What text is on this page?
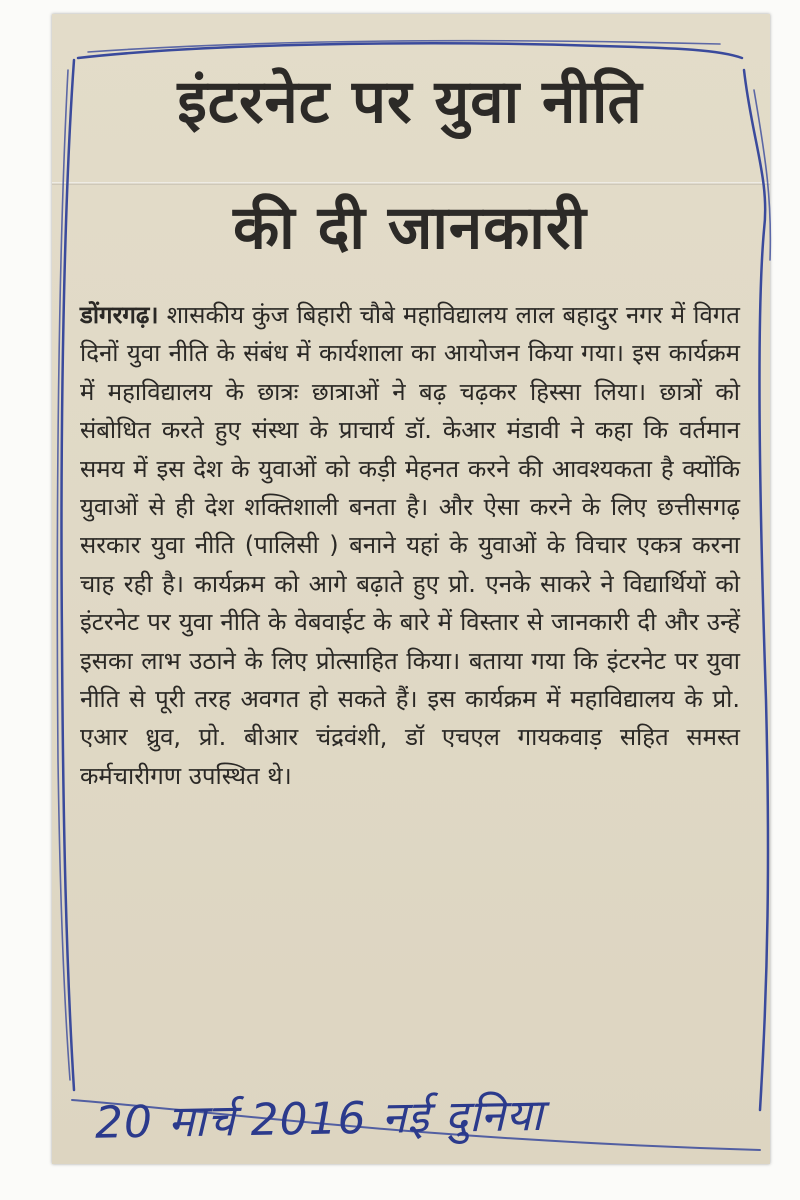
इंटरनेट पर युवा नीति
की दी जानकारी

डोंगरगढ़। शासकीय कुंज बिहारी चौबे महाविद्यालय लाल बहादुर नगर में विगत दिनों युवा नीति के संबंध में कार्यशाला का आयोजन किया गया। इस कार्यक्रम में महाविद्यालय के छात्रः छात्राओं ने बढ़ चढ़कर हिस्सा लिया। छात्रों को संबोधित करते हुए संस्था के प्राचार्य डॉ. केआर मंडावी ने कहा कि वर्तमान समय में इस देश के युवाओं को कड़ी मेहनत करने की आवश्यकता है क्योंकि युवाओं से ही देश शक्तिशाली बनता है। और ऐसा करने के लिए छत्तीसगढ़ सरकार युवा नीति (पालिसी ) बनाने यहां के युवाओं के विचार एकत्र करना चाह रही है। कार्यक्रम को आगे बढ़ाते हुए प्रो. एनके साकरे ने विद्यार्थियों को इंटरनेट पर युवा नीति के वेबवाईट के बारे में विस्तार से जानकारी दी और उन्हें इसका लाभ उठाने के लिए प्रोत्साहित किया। बताया गया कि इंटरनेट पर युवा नीति से पूरी तरह अवगत हो सकते हैं। इस कार्यक्रम में महाविद्यालय के प्रो. एआर ध्रुव, प्रो. बीआर चंद्रवंशी, डॉ एचएल गायकवाड़ सहित समस्त कर्मचारीगण उपस्थित थे।

20 मार्च 2016 नई दुनिया
